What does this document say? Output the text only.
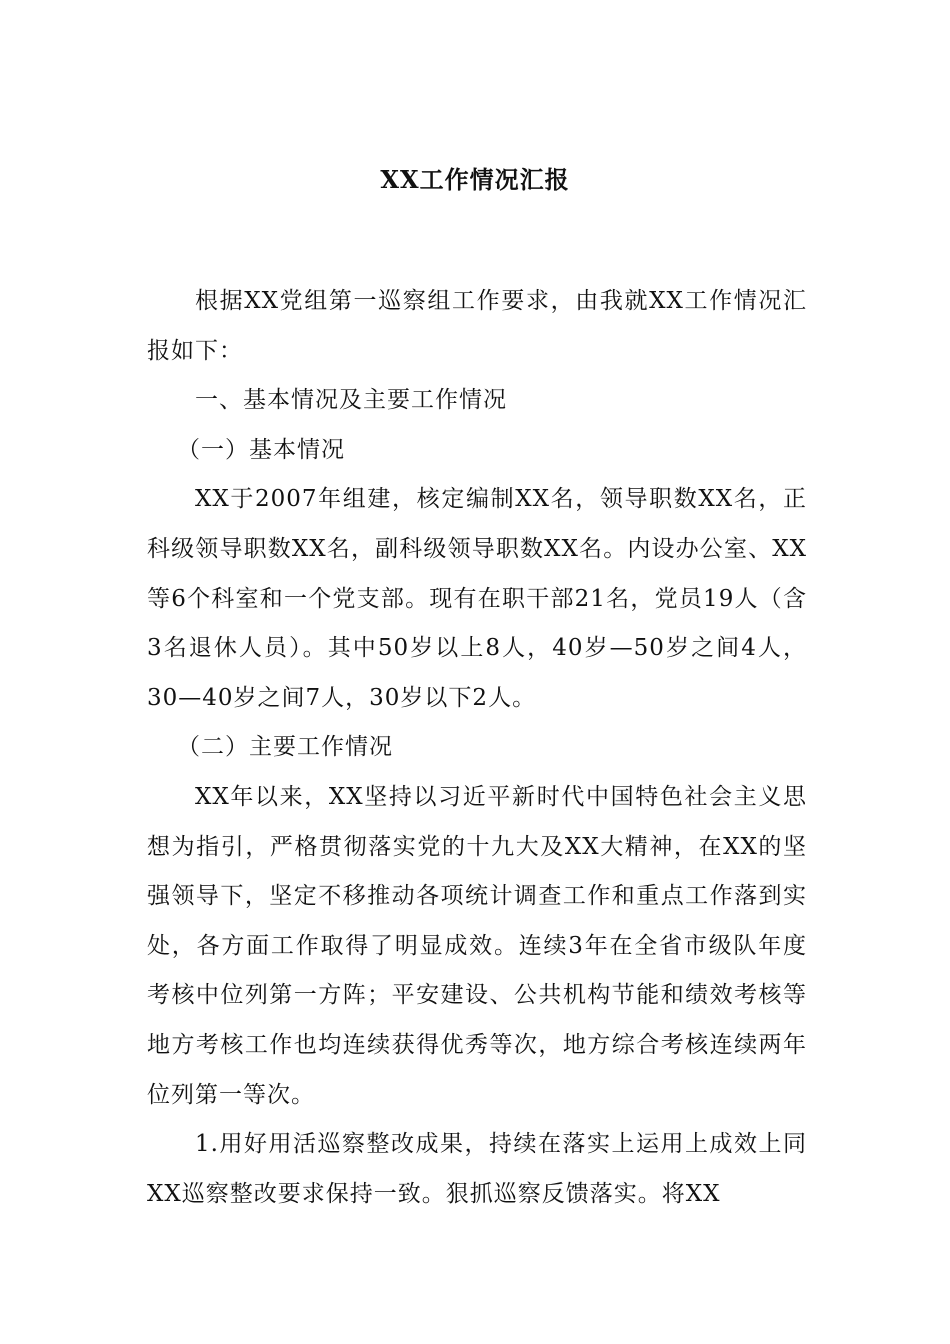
XX工作情况汇报

根据XX党组第一巡察组工作要求，由我就XX工作情况汇报如下：

一、基本情况及主要工作情况

（一）基本情况

XX于2007年组建，核定编制XX名，领导职数XX名，正科级领导职数XX名，副科级领导职数XX名。内设办公室、XX等6个科室和一个党支部。现有在职干部21名，党员19人（含3名退休人员）。其中50岁以上8人，40岁—50岁之间4人，30—40岁之间7人，30岁以下2人。

（二）主要工作情况

XX年以来，XX坚持以习近平新时代中国特色社会主义思想为指引，严格贯彻落实党的十九大及XX大精神，在XX的坚强领导下，坚定不移推动各项统计调查工作和重点工作落到实处，各方面工作取得了明显成效。连续3年在全省市级队年度考核中位列第一方阵；平安建设、公共机构节能和绩效考核等地方考核工作也均连续获得优秀等次，地方综合考核连续两年位列第一等次。

1.用好用活巡察整改成果，持续在落实上运用上成效上同XX巡察整改要求保持一致。狠抓巡察反馈落实。将XX
